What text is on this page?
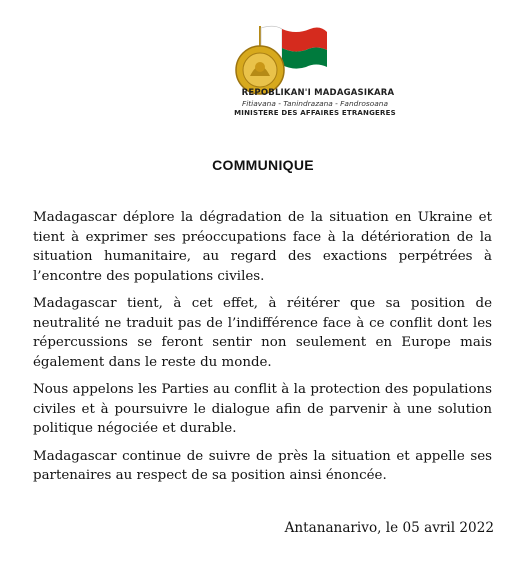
REPOBLIKAN'I MADAGASIKARA
Fitiavana - Tanindrazana - Fandrosoana
MINISTERE DES AFFAIRES ETRANGERES
COMMUNIQUE

Madagascar déplore la dégradation de la situation en Ukraine et tient à exprimer ses préoccupations face à la détérioration de la situation humanitaire, au regard des exactions perpétrées à l’encontre des populations civiles.

Madagascar tient, à cet effet, à réitérer que sa position de neutralité ne traduit pas de l’indifférence face à ce conflit dont les répercussions se feront sentir non seulement en Europe mais également dans le reste du monde.

Nous appelons les Parties au conflit à la protection des populations civiles et à poursuivre le dialogue afin de parvenir à une solution politique négociée et durable.

Madagascar continue de suivre de près la situation et appelle ses partenaires au respect de sa position ainsi énoncée.

Antananarivo, le 05 avril 2022
